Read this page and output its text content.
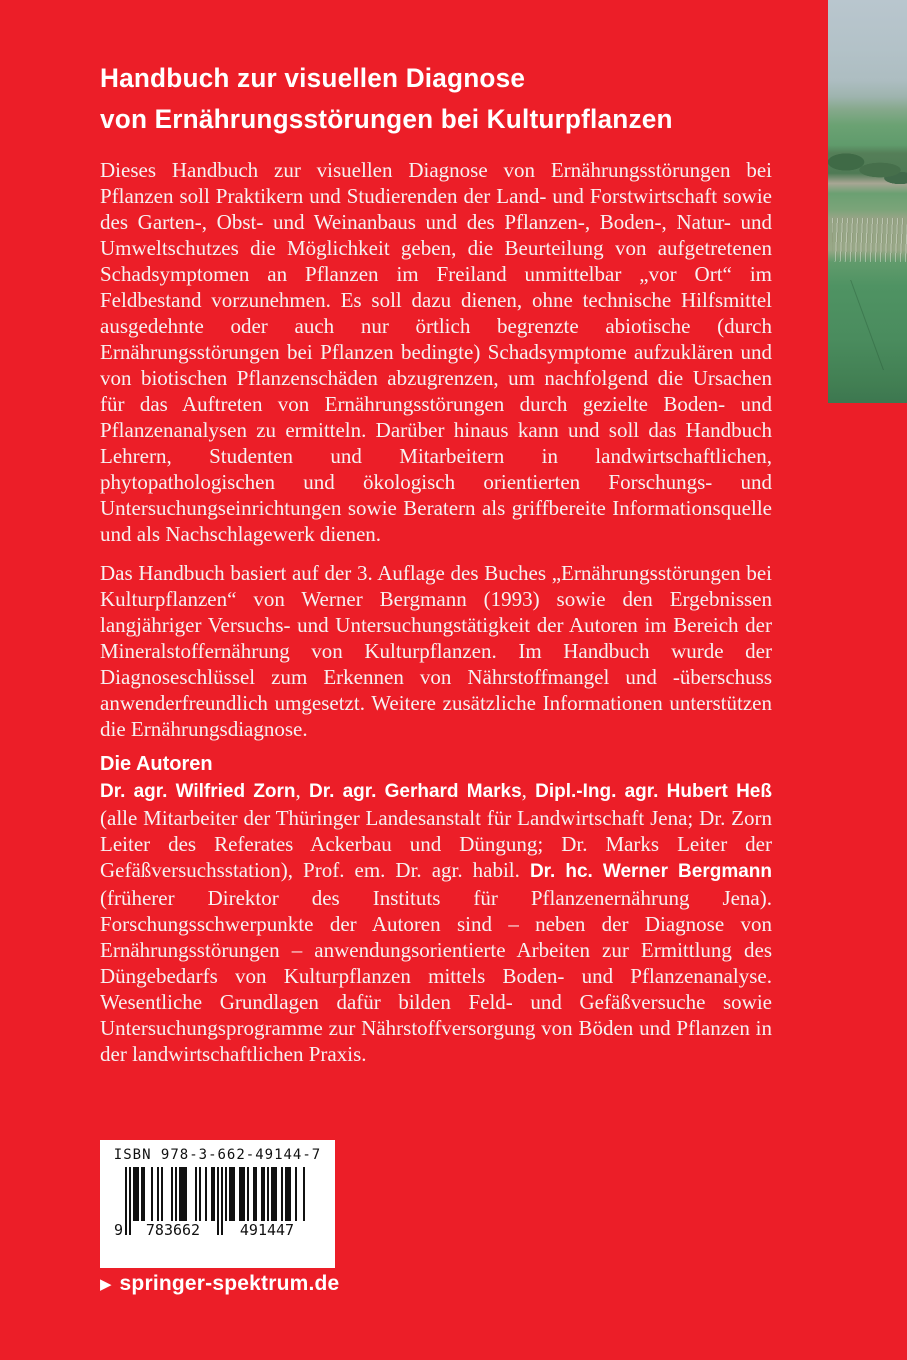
Handbuch zur visuellen Diagnose
von Ernährungsstörungen bei Kulturpflanzen

Dieses Handbuch zur visuellen Diagnose von Ernährungsstörungen bei Pflanzen soll Praktikern und Studierenden der Land- und Forstwirtschaft sowie des Garten-, Obst- und Weinanbaus und des Pflanzen-, Boden-, Natur- und Umweltschutzes die Möglichkeit geben, die Beurteilung von aufgetretenen Schadsymptomen an Pflanzen im Freiland unmittelbar „vor Ort“ im Feldbestand vorzunehmen. Es soll dazu dienen, ohne technische Hilfsmittel ausgedehnte oder auch nur örtlich begrenzte abiotische (durch Ernährungsstörungen bei Pflanzen bedingte) Schadsymptome aufzuklären und von biotischen Pflanzenschäden abzugrenzen, um nachfolgend die Ursachen für das Auftreten von Ernährungsstörungen durch gezielte Boden- und Pflanzenanalysen zu ermitteln. Darüber hinaus kann und soll das Handbuch Lehrern, Studenten und Mitarbeitern in landwirtschaftlichen, phytopathologischen und ökologisch orientierten Forschungs- und Untersuchungseinrichtungen sowie Beratern als griffbereite Informationsquelle und als Nachschlagewerk dienen.

Das Handbuch basiert auf der 3. Auflage des Buches „Ernährungsstörungen bei Kulturpflanzen“ von Werner Bergmann (1993) sowie den Ergebnissen langjähriger Versuchs- und Untersuchungstätigkeit der Autoren im Bereich der Mineralstoffernährung von Kulturpflanzen. Im Handbuch wurde der Diagnoseschlüssel zum Erkennen von Nährstoffmangel und -überschuss anwenderfreundlich umgesetzt. Weitere zusätzliche Informationen unterstützen die Ernährungsdiagnose.

Die Autoren

Dr. agr. Wilfried Zorn, Dr. agr. Gerhard Marks, Dipl.-Ing. agr. Hubert Heß (alle Mitarbeiter der Thüringer Landesanstalt für Landwirtschaft Jena; Dr. Zorn Leiter des Referates Ackerbau und Düngung; Dr. Marks Leiter der Gefäßversuchsstation), Prof. em. Dr. agr. habil. Dr. hc. Werner Bergmann (früherer Direktor des Instituts für Pflanzenernährung Jena). Forschungsschwerpunkte der Autoren sind – neben der Diagnose von Ernährungsstörungen – anwendungsorientierte Arbeiten zur Ermittlung des Düngebedarfs von Kulturpflanzen mittels Boden- und Pflanzenanalyse. Wesentliche Grundlagen dafür bilden Feld- und Gefäßversuche sowie Untersuchungsprogramme zur Nährstoffversorgung von Böden und Pflanzen in der landwirtschaftlichen Praxis.

ISBN 978-3-662-49144-7
9 783662	491447
▶ springer-spektrum.de
